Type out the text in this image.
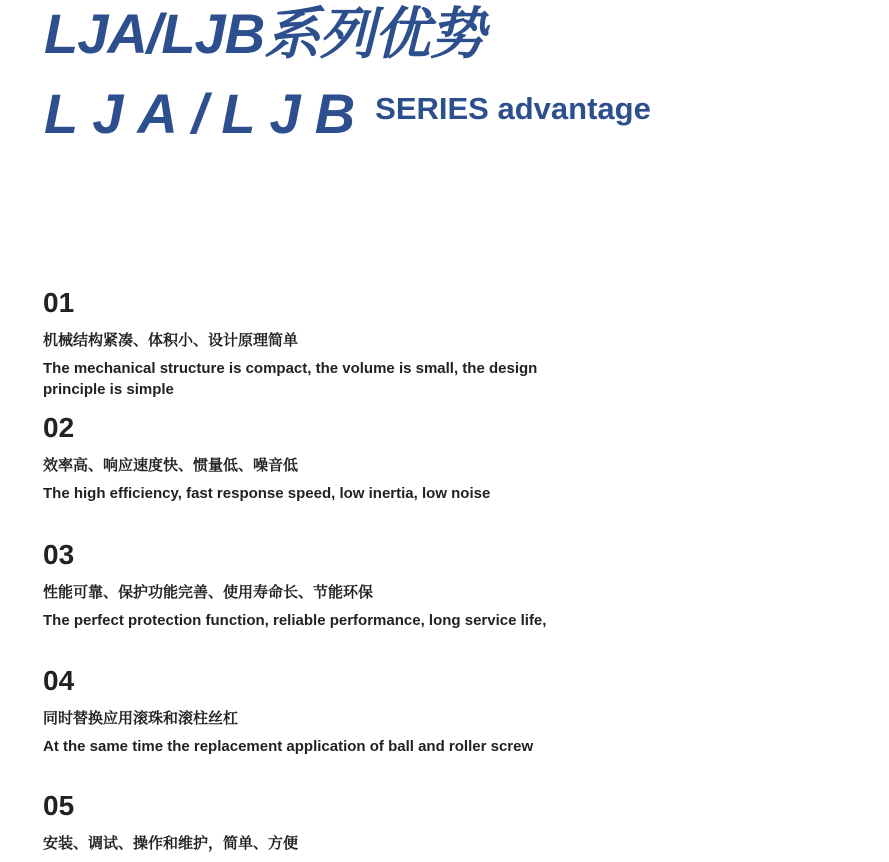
LJA/LJB系列优势
LJA/LJB $^{SERIES advantage}$
01
机械结构紧凑、体积小、设计原理简单
The mechanical structure is compact, the volume is small, the design principle is simple
02
效率高、响应速度快、惯量低、噪音低
The high efficiency, fast response speed, low inertia, low noise
03
性能可靠、保护功能完善、使用寿命长、节能环保
The perfect protection function, reliable performance, long service life,
04
同时替换应用滚珠和滚柱丝杠
At the same time the replacement application of ball and roller screw
05
安装、调试、操作和维护，简单、方便
